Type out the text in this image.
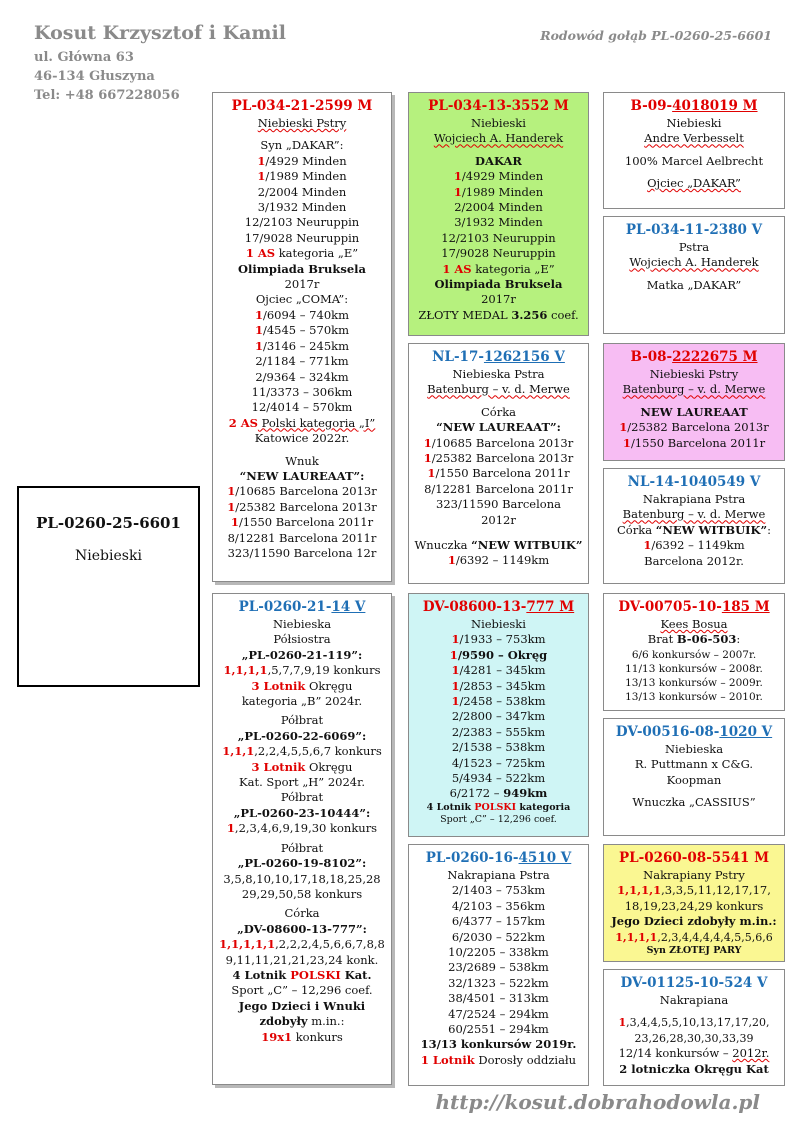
Kosut Krzysztof i Kamil
ul. Główna 63
46-134 Głuszyna
Tel: +48 667228056
Rodowód gołąb PL-0260-25-6601
PL-0260-25-6601
Niebieski
PL-034-21-2599 M
Niebieski Pstry
Syn „DAKAR”:
1/4929 Minden
1/1989 Minden
2/2004 Minden
3/1932 Minden
12/2103 Neuruppin
17/9028 Neuruppin
1 AS kategoria „E”
Olimpiada Bruksela
2017r
Ojciec „COMA”:
1/6094 – 740km
1/4545 – 570km
1/3146 – 245km
2/1184 – 771km
2/9364 – 324km
11/3373 – 306km
12/4014 – 570km
2 AS Polski kategoria „I”
Katowice 2022r.
Wnuk
“NEW LAUREAAT”:
1/10685 Barcelona 2013r
1/25382 Barcelona 2013r
1/1550 Barcelona 2011r
8/12281 Barcelona 2011r
323/11590 Barcelona 12r
PL-0260-21-14 V
Niebieska
Półsiostra
„PL-0260-21-119”:
1,1,1,1,5,7,7,9,19 konkurs
3 Lotnik Okręgu
kategoria „B” 2024r.
Półbrat
„PL-0260-22-6069”:
1,1,1,2,2,4,5,5,6,7 konkurs
3 Lotnik Okręgu
Kat. Sport „H” 2024r.
Półbrat
„PL-0260-23-10444”:
1,2,3,4,6,9,19,30 konkurs
Półbrat
„PL-0260-19-8102”:
3,5,8,10,10,17,18,18,25,28
29,29,50,58 konkurs
Córka
„DV-08600-13-777”:
1,1,1,1,1,2,2,2,4,5,6,6,7,8,8
9,11,11,21,21,23,24 konk.
4 Lotnik POLSKI Kat.
Sport „C” – 12,296 coef.
Jego Dzieci i Wnuki
zdobyły m.in.:
19x1 konkurs
PL-034-13-3552 M
Niebieski
Wojciech A. Handerek
DAKAR
1/4929 Minden
1/1989 Minden
2/2004 Minden
3/1932 Minden
12/2103 Neuruppin
17/9028 Neuruppin
1 AS kategoria „E”
Olimpiada Bruksela
2017r
ZŁOTY MEDAL 3.256 coef.
NL-17-1262156 V
Niebieska Pstra
Batenburg – v. d. Merwe
Córka
“NEW LAUREAAT”:
1/10685 Barcelona 2013r
1/25382 Barcelona 2013r
1/1550 Barcelona 2011r
8/12281 Barcelona 2011r
323/11590 Barcelona
2012r
Wnuczka “NEW WITBUIK”
1/6392 – 1149km
DV-08600-13-777 M
Niebieski
1/1933 – 753km
1/9590 – Okręg
1/4281 – 345km
1/2853 – 345km
1/2458 – 538km
2/2800 – 347km
2/2383 – 555km
2/1538 – 538km
4/1523 – 725km
5/4934 – 522km
6/2172 – 949km
4 Lotnik POLSKI kategoria
Sport „C” – 12,296 coef.
PL-0260-16-4510 V
Nakrapiana Pstra
2/1403 – 753km
4/2103 – 356km
6/4377 – 157km
6/2030 – 522km
10/2205 – 338km
23/2689 – 538km
32/1323 – 522km
38/4501 – 313km
47/2524 – 294km
60/2551 – 294km
13/13 konkursów 2019r.
1 Lotnik Dorosły oddziału
B-09-4018019 M
Niebieski
Andre Verbesselt
100% Marcel Aelbrecht
Ojciec „DAKAR”
PL-034-11-2380 V
Pstra
Wojciech A. Handerek
Matka „DAKAR”
B-08-2222675 M
Niebieski Pstry
Batenburg – v. d. Merwe
NEW LAUREAAT
1/25382 Barcelona 2013r
1/1550 Barcelona 2011r
NL-14-1040549 V
Nakrapiana Pstra
Batenburg – v. d. Merwe
Córka “NEW WITBUIK”:
1/6392 – 1149km
Barcelona 2012r.
DV-00705-10-185 M
Kees Bosua
Brat B-06-503:
6/6 konkursów – 2007r.
11/13 konkursów – 2008r.
13/13 konkursów – 2009r.
13/13 konkursów – 2010r.
DV-00516-08-1020 V
Niebieska
R. Puttmann x C&G.
Koopman
Wnuczka „CASSIUS”
PL-0260-08-5541 M
Nakrapiany Pstry
1,1,1,1,3,3,5,11,12,17,17,
18,19,23,24,29 konkurs
Jego Dzieci zdobyły m.in.:
1,1,1,1,2,3,4,4,4,4,4,5,5,6,6
Syn ZŁOTEJ PARY
DV-01125-10-524 V
Nakrapiana
1,3,4,4,5,5,10,13,17,17,20,
23,26,28,30,30,33,39
12/14 konkursów – 2012r.
2 lotniczka Okręgu Kat
http://kosut.dobrahodowla.pl
